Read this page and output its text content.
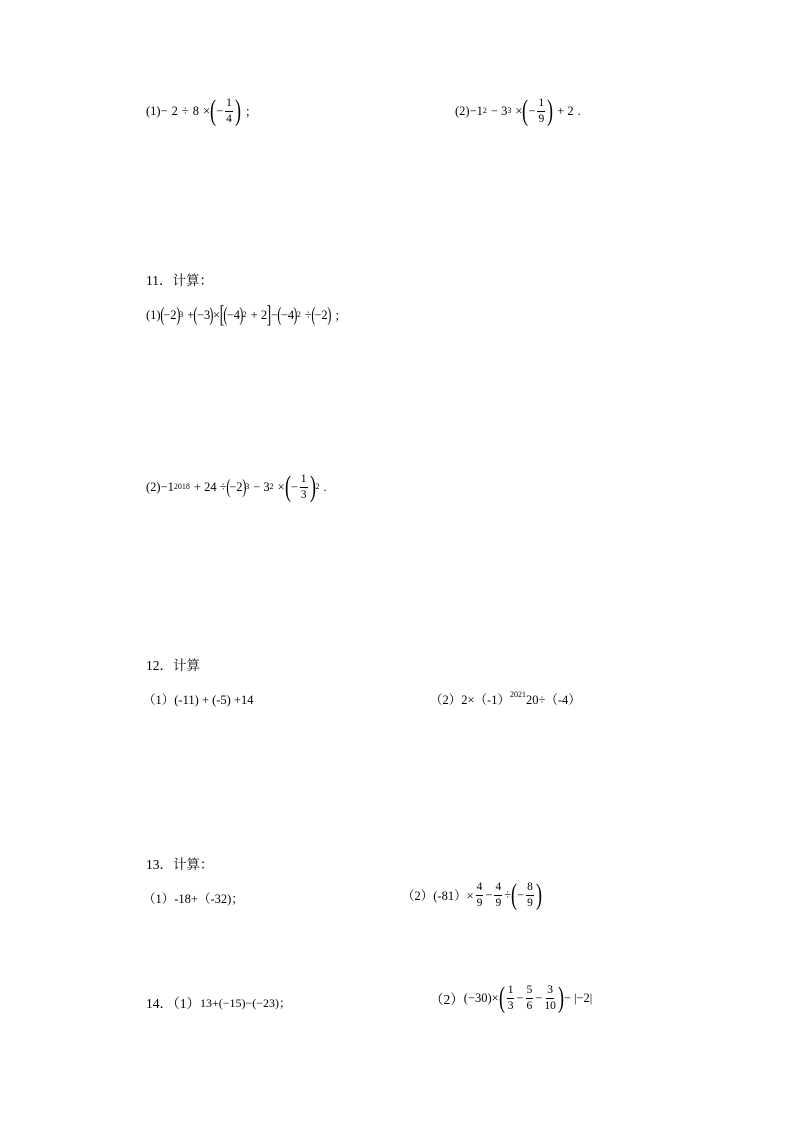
(1) − 2 ÷ 8 × ( − $\frac{1}{4}$ ) ；	(2) −1 2 − 3 3 × ( − $\frac{1}{9}$ ) + 2 .
11．计算：
(1) ( −2 ) 3 + ( −3 ) × [ ( −4 ) 2 + 2 ] − ( −4 ) 2 ÷ ( −2 ) ；
(2) −1 2018 + 24 ÷ ( −2 ) 3 − 3 2 × ( − $\frac{1}{3}$ ) 2 .
12．计算
（1）(-11) + (-5) +14	$(2)2\times(-1)^{2021}20\div(-4)$
13．计算：
（1）-18+（-32)；	$(2)(-81)\times \frac{4}{9} - \frac{4}{9}$ ÷ ( − $\frac{8}{9}$ )
14．（1） 13+(−15)−(−23)；	（2） (−30)× ( $\frac{1}{3} - \frac{5}{6} - \frac{3}{10}$ ) − |−2|
